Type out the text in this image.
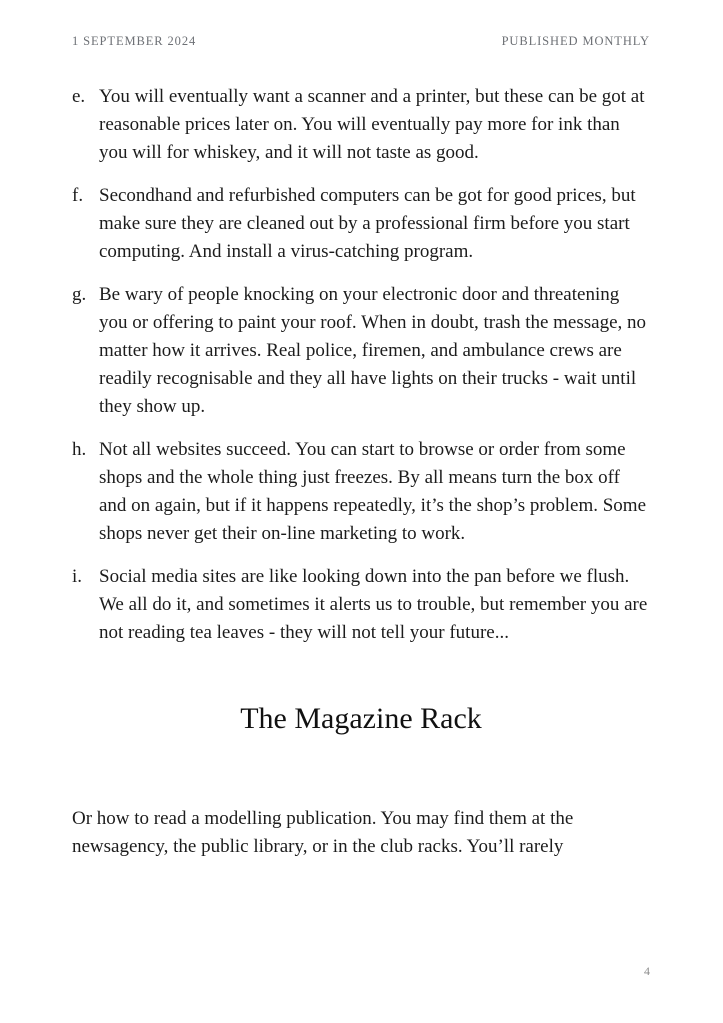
1 SEPTEMBER 2024	PUBLISHED MONTHLY
e. You will eventually want a scanner and a printer, but these can be got at reasonable prices later on. You will eventually pay more for ink than you will for whiskey, and it will not taste as good.
f. Secondhand and refurbished computers can be got for good prices, but make sure they are cleaned out by a professional firm before you start computing. And install a virus-catching program.
g. Be wary of people knocking on your electronic door and threatening you or offering to paint your roof. When in doubt, trash the message, no matter how it arrives. Real police, firemen, and ambulance crews are readily recognisable and they all have lights on their trucks - wait until they show up.
h. Not all websites succeed. You can start to browse or order from some shops and the whole thing just freezes. By all means turn the box off and on again, but if it happens repeatedly, it’s the shop’s problem. Some shops never get their on-line marketing to work.
i. Social media sites are like looking down into the pan before we flush. We all do it, and sometimes it alerts us to trouble, but remember you are not reading tea leaves - they will not tell your future...
The Magazine Rack

Or how to read a modelling publication. You may find them at the newsagency, the public library, or in the club racks. You’ll rarely

4
